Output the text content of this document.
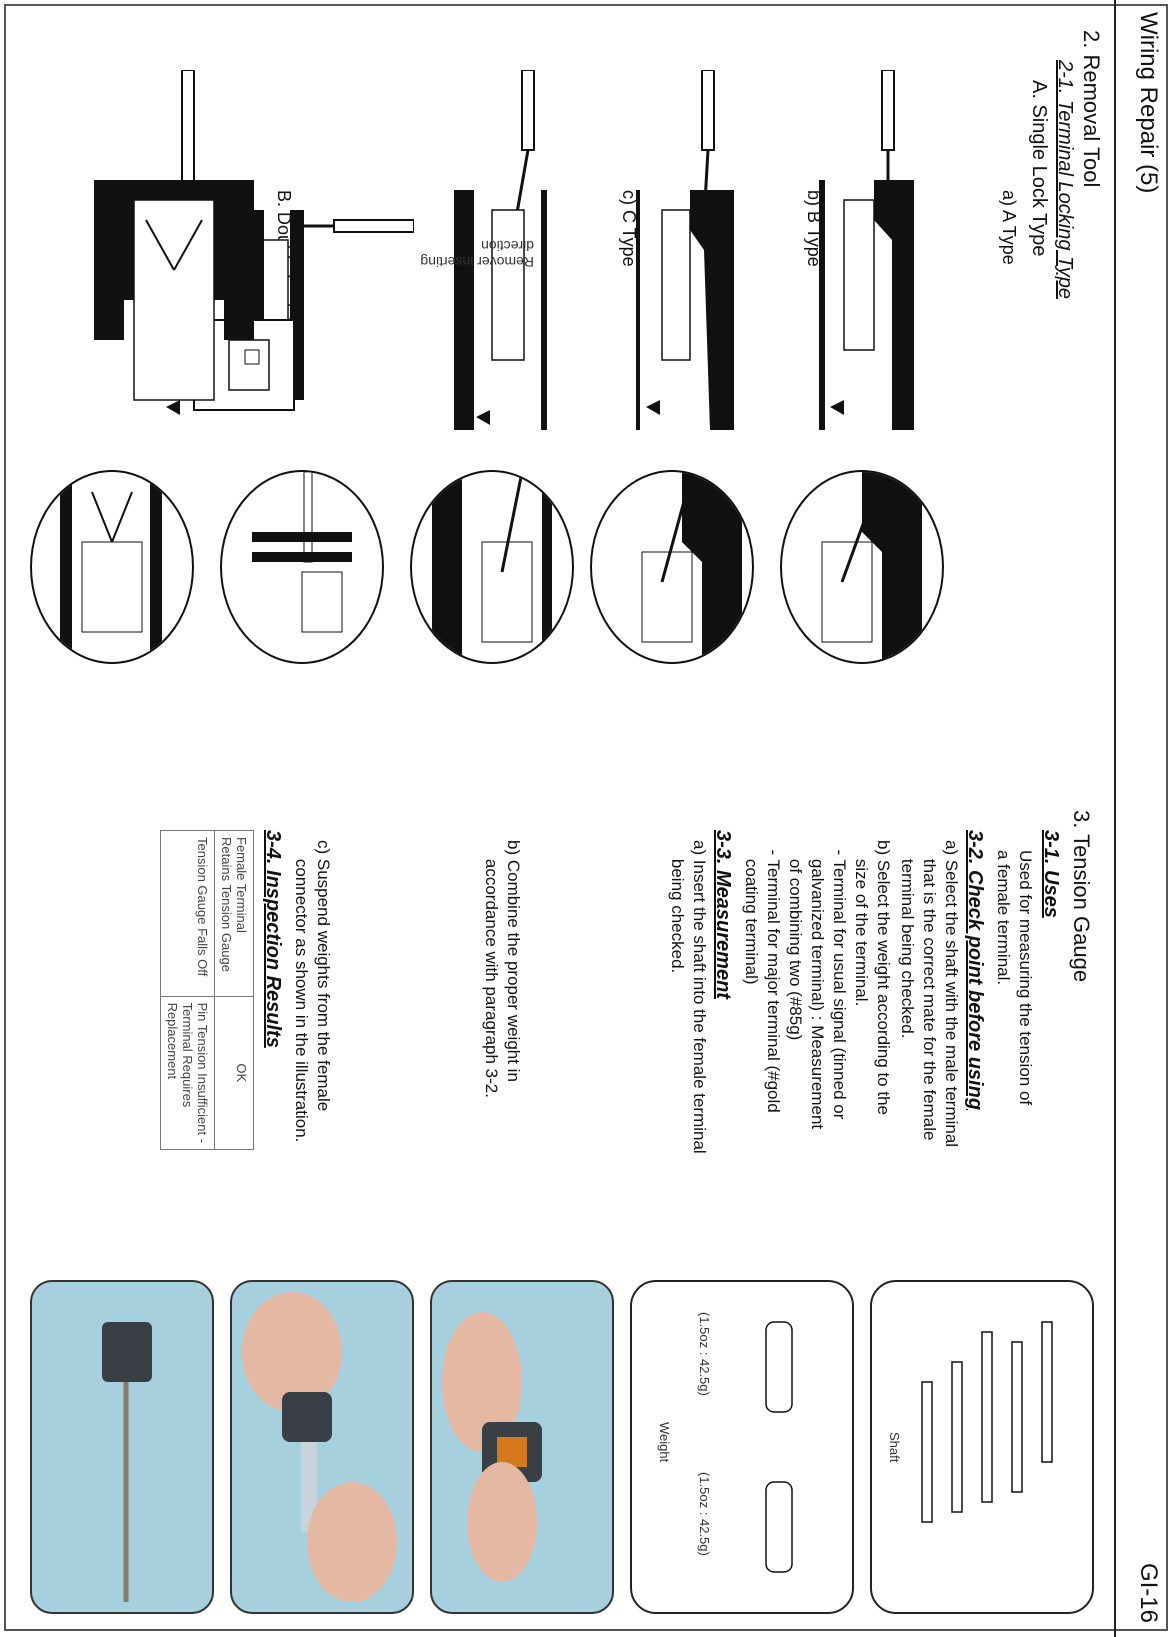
Wiring Repair (5)
GI-16
2. Removal Tool
2-1. Terminal Locking Type
A. Single Lock Type
a) A Type
b) B Type
c) C Type
B.
Remover inserting
direction
3. Tension Gauge
3-1. Uses
Used for measuring the tension of
a female terminal.
3-2. Check point before using
a) Select the shaft with the male terminal
that is the correct mate for the female
terminal being checked.
b) Select the weight according to the
size of the terminal.
- Terminal for usual signal (tinned or
galvanized terminal) : Measurement
of combining two (#85g)
- Terminal for major terminal (#gold
coating terminal)
3-3. Measurement
a) Insert the shaft into the female terminal
being checked.
b) Combine the proper weight in
accordance with paragraph 3-2.
c) Suspend weights from the female
connector as shown in the illustration.
3-4. Inspection Results
Female Terminal
Retains Tension Gauge	OK
Tension Gauge Falls Off	Pin Tension Insufficient -
Terminal Requires
Replacement
Shaft
(1.5oz : 42.5g)
(1.5oz : 42.5g)
Weight
